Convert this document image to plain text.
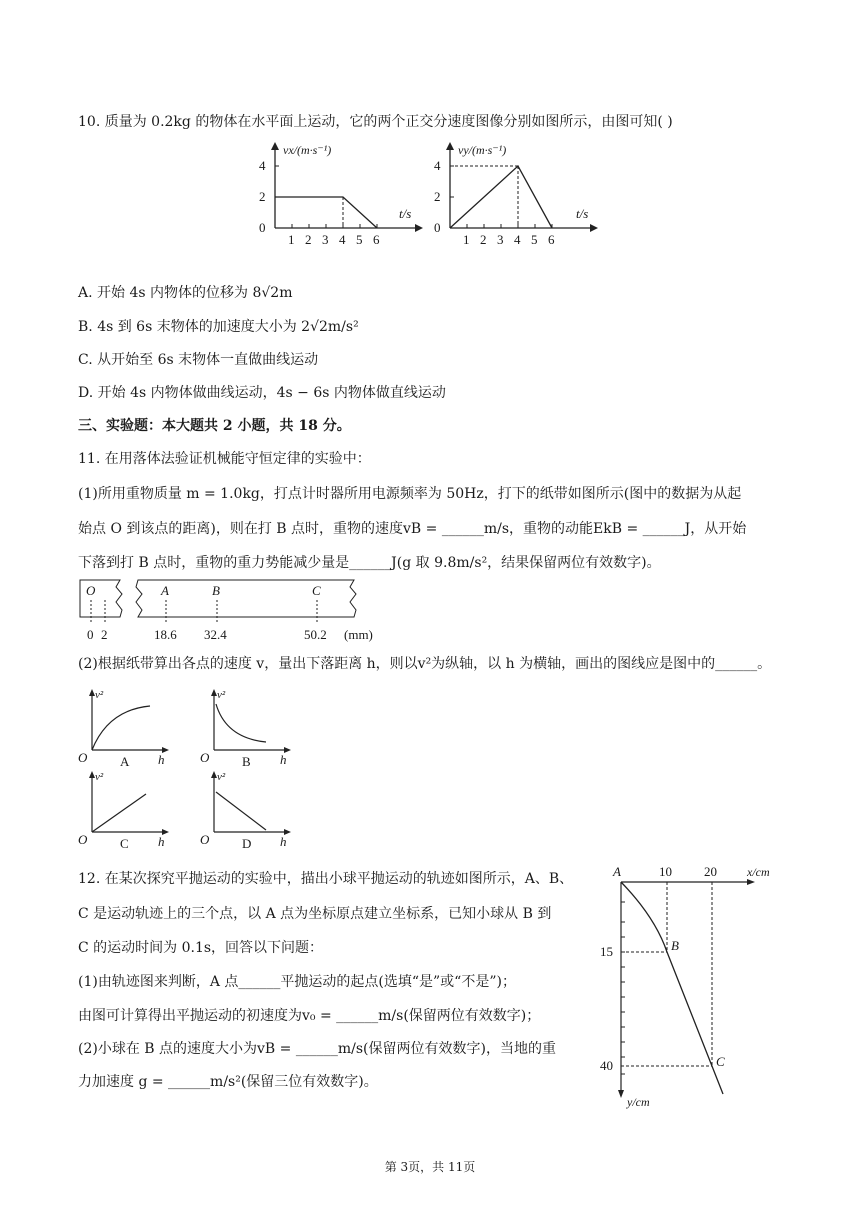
10. 质量为 0.2kg 的物体在水平面上运动，它的两个正交分速度图像分别如图所示，由图可知( )
0
2
4
1 2 3 4 5 6
t/s
vx/(m·s⁻¹)
0
2
4
1 2 3 4 5 6
t/s
vy/(m·s⁻¹)
A. 开始 4s 内物体的位移为 8√2m
B. 4s 到 6s 末物体的加速度大小为 2√2m/s²
C. 从开始至 6s 末物体一直做曲线运动
D. 开始 4s 内物体做曲线运动，4s − 6s 内物体做直线运动
三、实验题：本大题共 2 小题，共 18 分。
11. 在用落体法验证机械能守恒定律的实验中：
(1)所用重物质量 m = 1.0kg，打点计时器所用电源频率为 50Hz，打下的纸带如图所示(图中的数据为从起
始点 O 到该点的距离)，则在打 B 点时，重物的速度vB = ______m/s，重物的动能EkB = ______J，从开始
下落到打 B 点时，重物的重力势能减少量是______J(g 取 9.8m/s²，结果保留两位有效数字)。
O	A	B	C
0 2	18.6 32.4	50.2 (mm)
(2)根据纸带算出各点的速度 v，量出下落距离 h，则以v²为纵轴，以 h 为横轴，画出的图线应是图中的______。
O
v²
h
A	O
v²
h
B
O
v²
h
C	O
v²
h
D
12. 在某次探究平抛运动的实验中，描出小球平抛运动的轨迹如图所示，A、B、
C 是运动轨迹上的三个点，以 A 点为坐标原点建立坐标系，已知小球从 B 到
C 的运动时间为 0.1s，回答以下问题：
(1)由轨迹图来判断，A 点______平抛运动的起点(选填“是”或“不是”)；
由图可计算得出平抛运动的初速度为v₀ = ______m/s(保留两位有效数字)；
(2)小球在 B 点的速度大小为vB = ______m/s(保留两位有效数字)，当地的重
力加速度 g = ______m/s²(保留三位有效数字)。
A
B
C
10 20	x/cm
15
40
y/cm
第 3页，共 11页
